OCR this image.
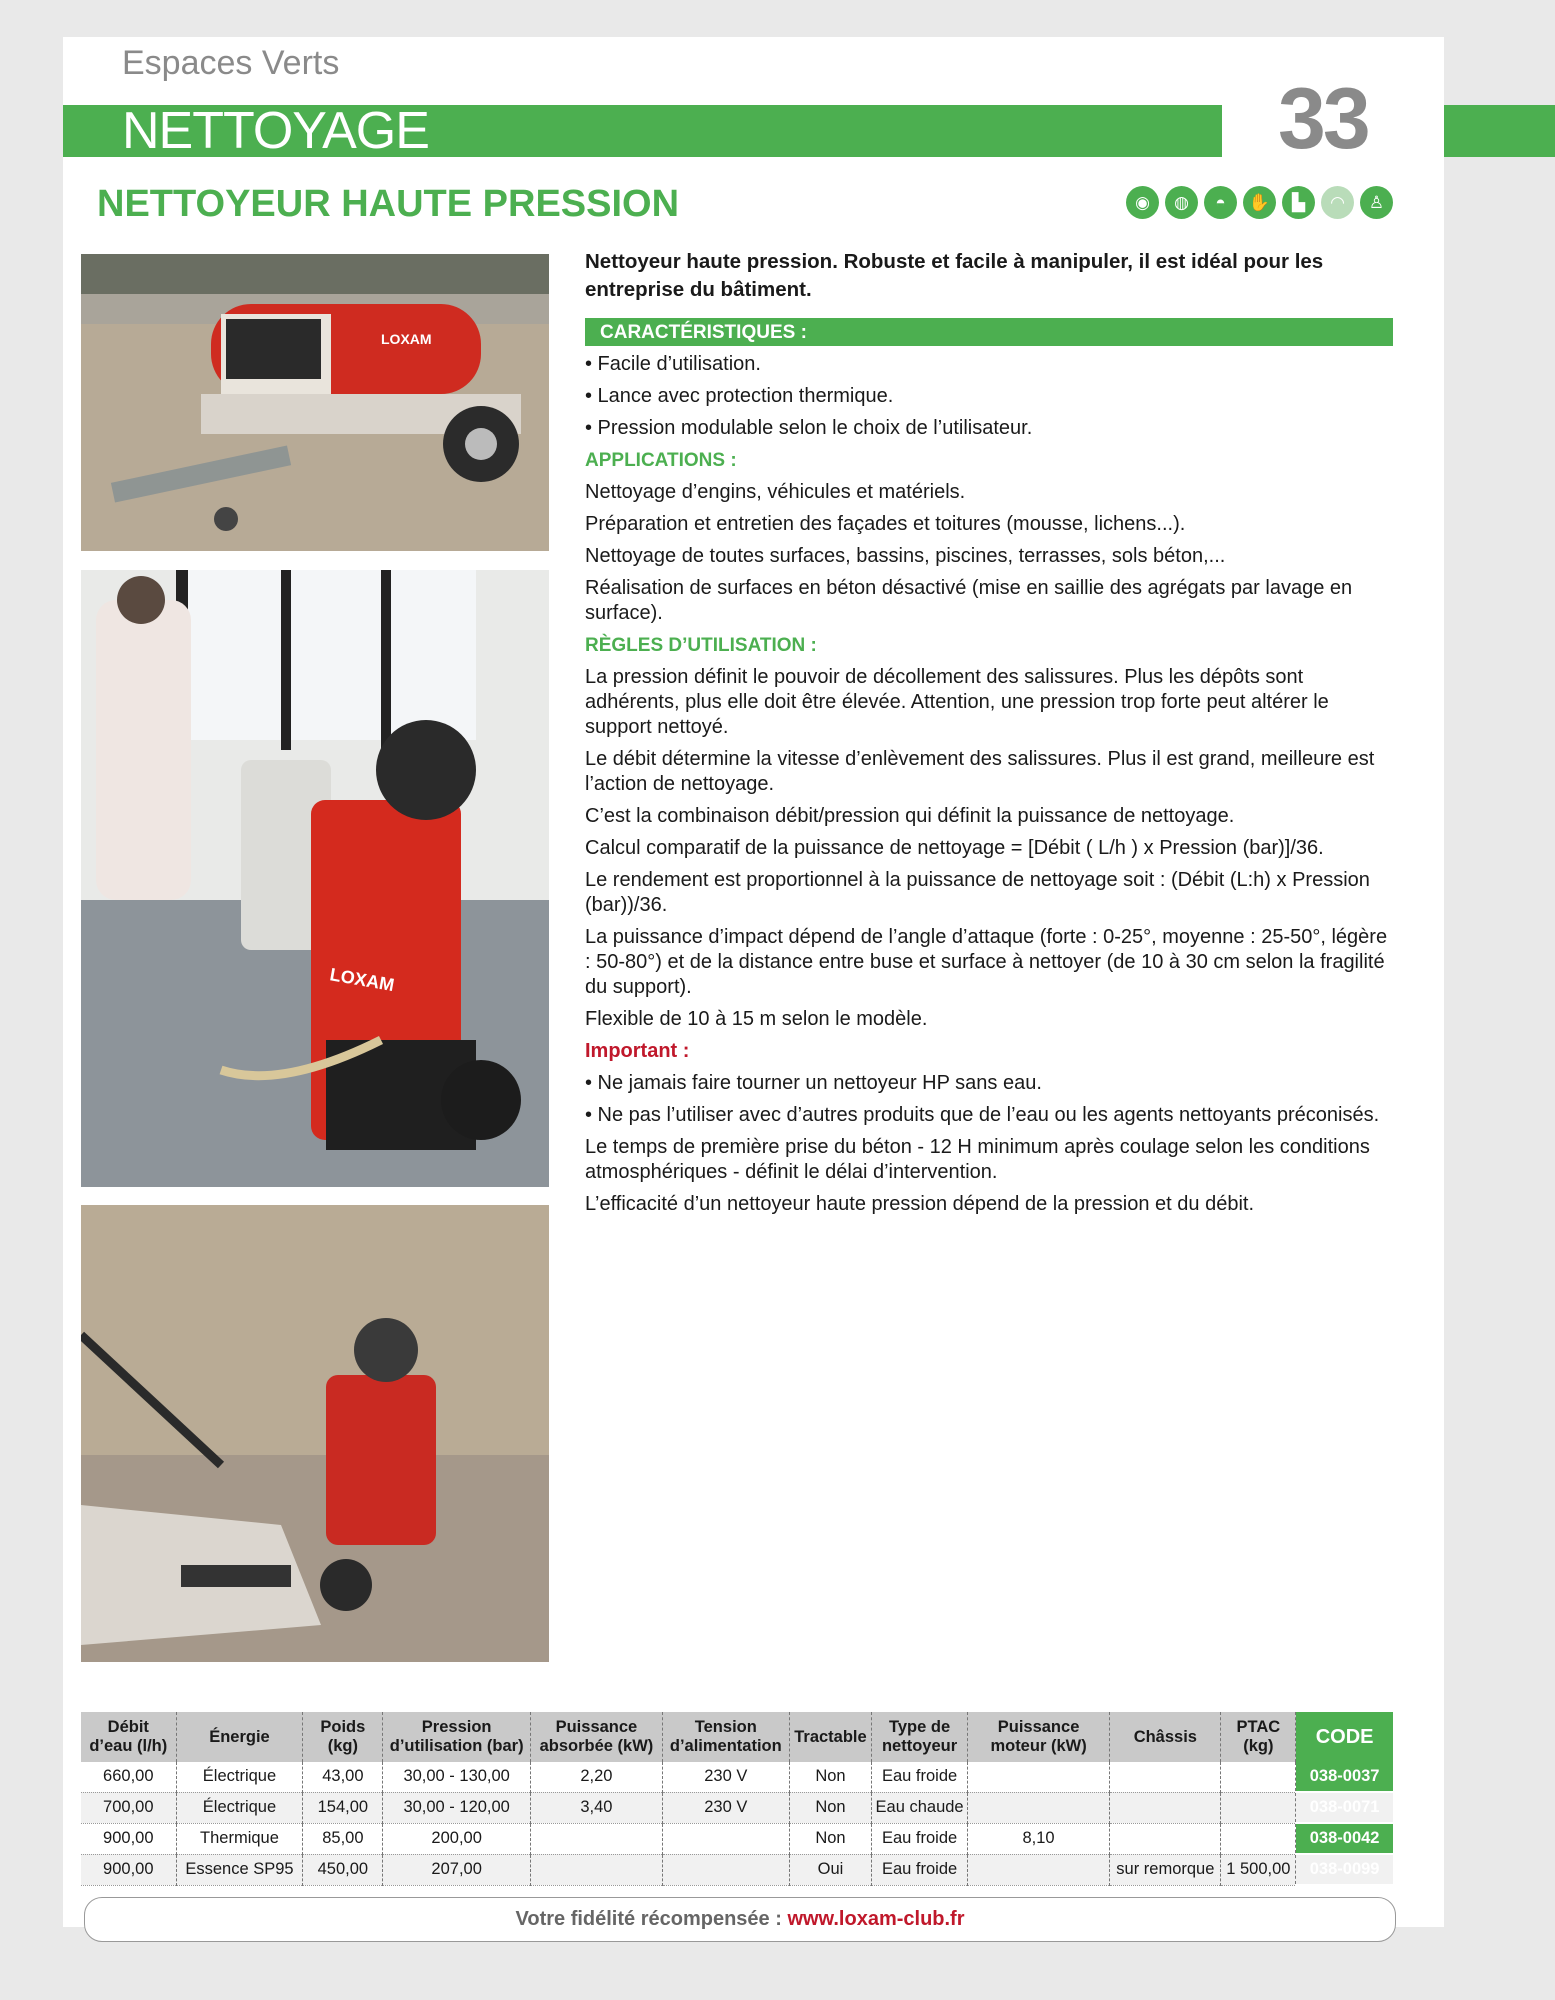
Espaces Verts
NETTOYAGE	33
NETTOYEUR HAUTE PRESSION	◉	◍	◓	✋	▙	◠	♙
LOXAM
LOXAM
Nettoyeur haute pression. Robuste et facile à manipuler, il est idéal pour les entreprise du bâtiment.
CARACTÉRISTIQUES :
• Facile d’utilisation.
• Lance avec protection thermique.
• Pression modulable selon le choix de l’utilisateur.
APPLICATIONS :
Nettoyage d’engins, véhicules et matériels.
Préparation et entretien des façades et toitures (mousse, lichens...).
Nettoyage de toutes surfaces, bassins, piscines, terrasses, sols béton,...
Réalisation de surfaces en béton désactivé (mise en saillie des agrégats par lavage en surface).
RÈGLES D’UTILISATION :
La pression définit le pouvoir de décollement des salissures. Plus les dépôts sont adhérents, plus elle doit être élevée. Attention, une pression trop forte peut altérer le support nettoyé.
Le débit détermine la vitesse d’enlèvement des salissures. Plus il est grand, meilleure est l’action de nettoyage.
C’est la combinaison débit/pression qui définit la puissance de nettoyage.
Calcul comparatif de la puissance de nettoyage = [Débit ( L/h ) x Pression (bar)]/36.
Le rendement est proportionnel à la puissance de nettoyage soit : (Débit (L:h) x Pression (bar))/36.
La puissance d’impact dépend de l’angle d’attaque (forte : 0-25°, moyenne : 25-50°, légère : 50-80°) et de la distance entre buse et surface à nettoyer (de 10 à 30 cm selon la fragilité du support).
Flexible de 10 à 15 m selon le modèle.
Important :
• Ne jamais faire tourner un nettoyeur HP sans eau.
• Ne pas l’utiliser avec d’autres produits que de l’eau ou les agents nettoyants préconisés.
Le temps de première prise du béton - 12 H minimum après coulage selon les conditions atmosphériques - définit le délai d’intervention.
L’efficacité d’un nettoyeur haute pression dépend de la pression et du débit.
Débit d’eau (l/h)	Énergie	Poids (kg)	Pression d’utilisation (bar)	Puissance absorbée (kW)	Tension d’alimentation	Tractable	Type de nettoyeur	Puissance moteur (kW)	Châssis	PTAC (kg)	CODE
660,00	Électrique	43,00	30,00 - 130,00	2,20	230 V	Non	Eau froide				038-0037
700,00	Électrique	154,00	30,00 - 120,00	3,40	230 V	Non	Eau chaude				038-0071
900,00	Thermique	85,00	200,00			Non	Eau froide	8,10			038-0042
900,00	Essence SP95	450,00	207,00			Oui	Eau froide		sur remorque	1 500,00	038-0099
Votre fidélité récompensée : www.loxam-club.fr
